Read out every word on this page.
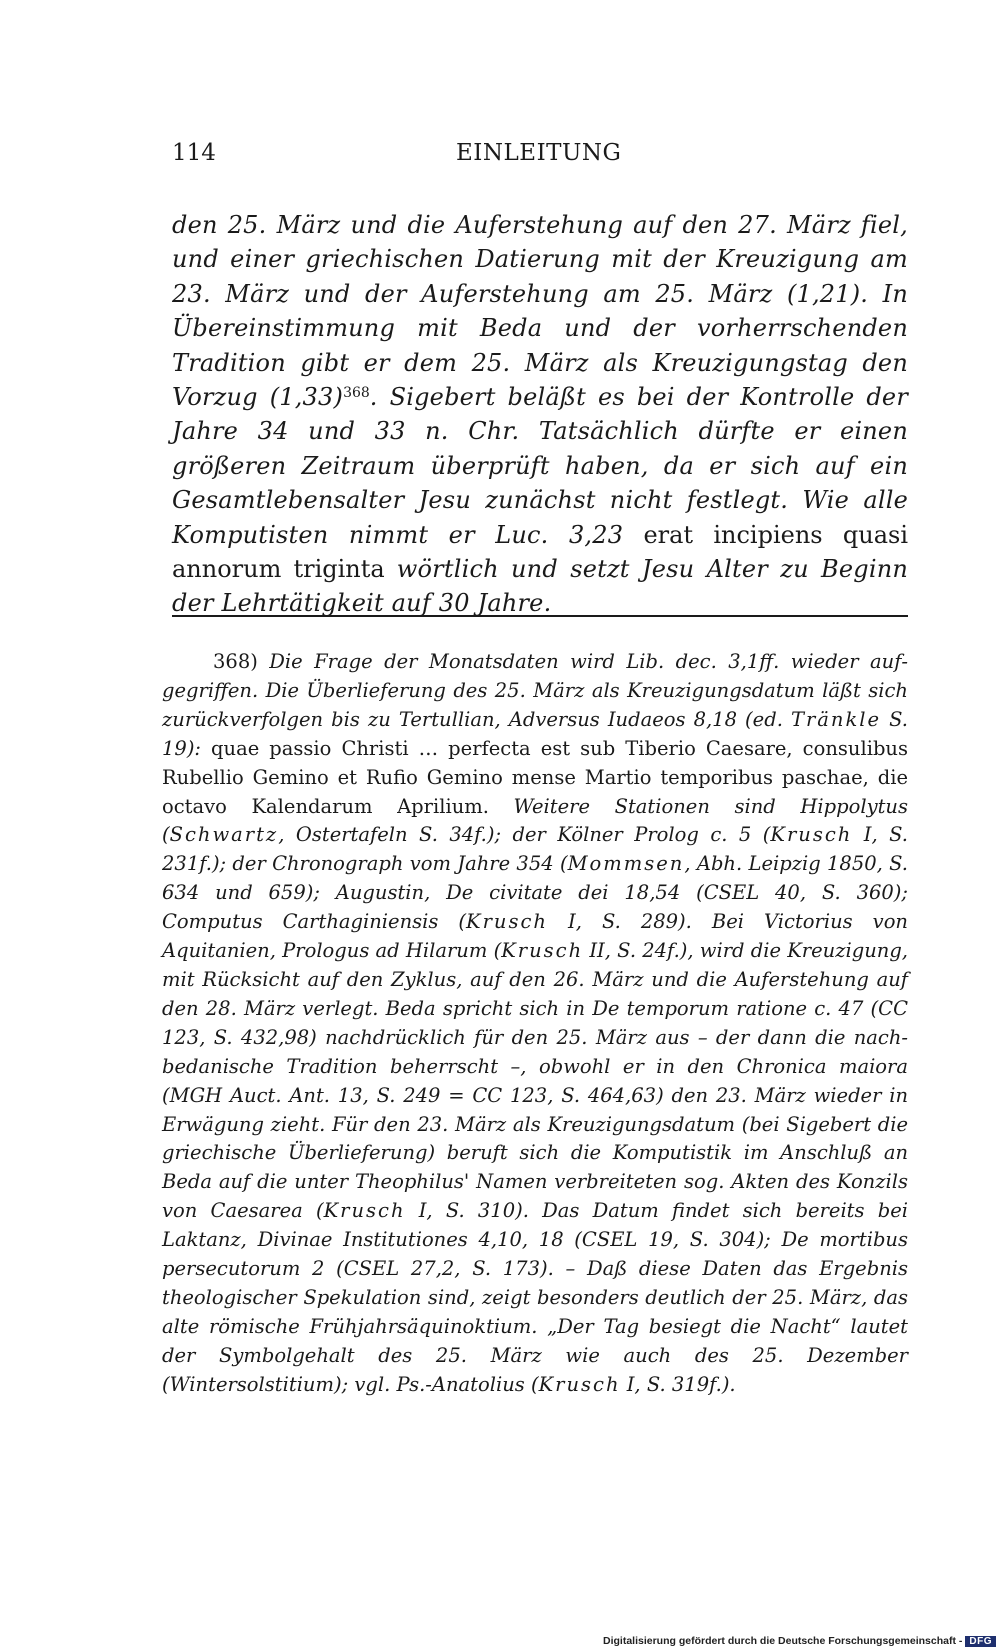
114	EINLEITUNG
den 25. März und die Auferstehung auf den 27. März fiel, und einer griechischen Datierung mit der Kreuzigung am 23. März und der Auferstehung am 25. März (1,21). In Übereinstimmung mit Beda und der vorherrschenden Tradition gibt er dem 25. März als Kreuzigungstag den Vorzug $(1,33)^{368}$. Sigebert beläßt es bei der Kontrolle der Jahre 34 und 33 n. Chr. Tatsächlich dürfte er einen größeren Zeitraum überprüft haben, da er sich auf ein Gesamtlebensalter Jesu zunächst nicht festlegt. Wie alle Komputisten nimmt er Luc. 3,23 erat incipiens quasi annorum triginta wörtlich und setzt Jesu Alter zu Beginn der Lehrtätigkeit auf 30 Jahre.
368) Die Frage der Monatsdaten wird Lib. dec. 3,1ff. wieder aufgegriffen. Die Überlieferung des 25. März als Kreuzigungsdatum läßt sich zurückverfolgen bis zu Tertullian, Adversus Iudaeos 8,18 (ed. Tränkle S. 19): quae passio Christi … perfecta est sub Tiberio Caesare, consulibus Rubellio Gemino et Rufio Gemino mense Martio temporibus paschae, die octavo Kalendarum Aprilium. Weitere Stationen sind Hippolytus (Schwartz, Ostertafeln S. 34f.); der Kölner Prolog c. 5 (Krusch I, S. 231f.); der Chronograph vom Jahre 354 (Mommsen, Abh. Leipzig 1850, S. 634 und 659); Augustin, De civitate dei 18,54 (CSEL 40, S. 360); Computus Carthaginiensis (Krusch I, S. 289). Bei Victorius von Aquitanien, Prologus ad Hilarum (Krusch II, S. 24f.), wird die Kreuzigung, mit Rücksicht auf den Zyklus, auf den 26. März und die Auferstehung auf den 28. März verlegt. Beda spricht sich in De temporum ratione c. 47 (CC 123, S. 432,98) nachdrücklich für den 25. März aus – der dann die nach-bedanische Tradition beherrscht –, obwohl er in den Chronica maiora (MGH Auct. Ant. 13, S. 249 = CC 123, S. 464,63) den 23. März wieder in Erwägung zieht. Für den 23. März als Kreuzigungsdatum (bei Sigebert die griechische Überlieferung) beruft sich die Komputistik im Anschluß an Beda auf die unter Theophilus' Namen verbreiteten sog. Akten des Konzils von Caesarea (Krusch I, S. 310). Das Datum findet sich bereits bei Laktanz, Divinae Institutiones 4,10, 18 (CSEL 19, S. 304); De mortibus persecutorum 2 (CSEL 27,2, S. 173). – Daß diese Daten das Ergebnis theologischer Spekulation sind, zeigt besonders deutlich der 25. März, das alte römische Frühjahrsäquinoktium. „Der Tag besiegt die Nacht“ lautet der Symbolgehalt des 25. März wie auch des 25. Dezember (Wintersolstitium); vgl. Ps.-Anatolius (Krusch I, S. 319f.).
Digitalisierung gefördert durch die Deutsche Forschungsgemeinschaft - DFG
